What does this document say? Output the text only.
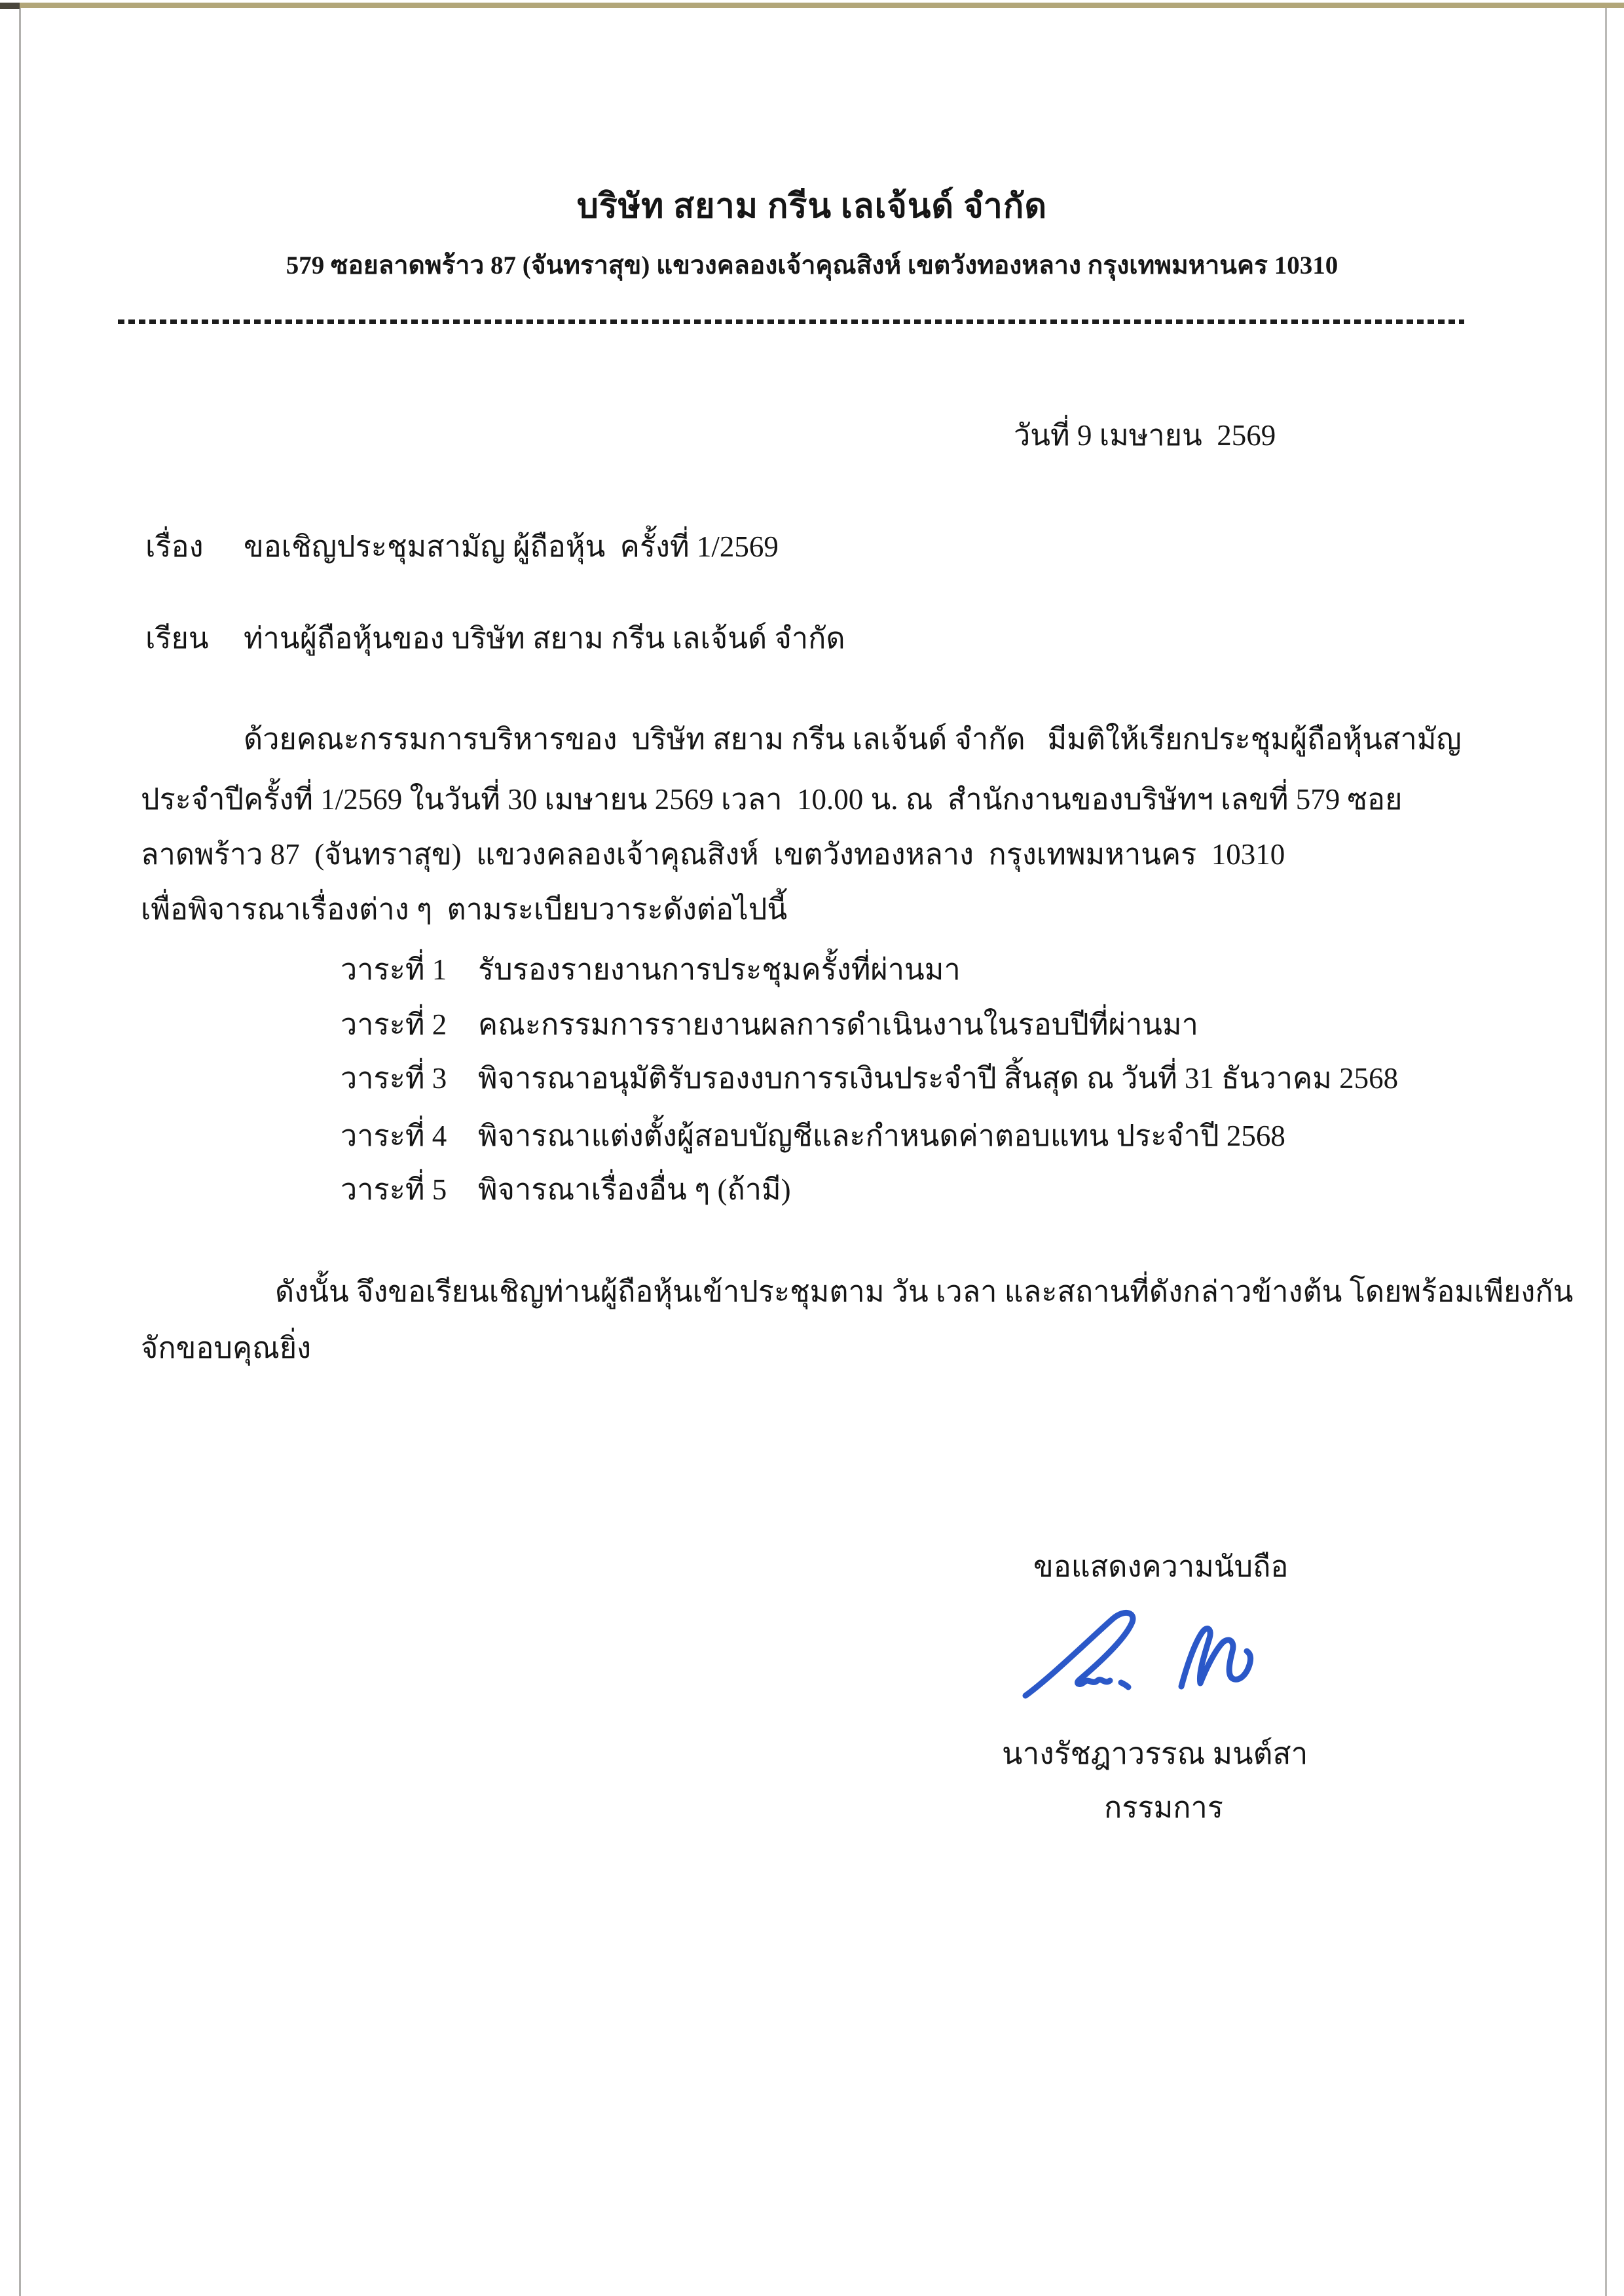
บริษัท สยาม กรีน เลเจ้นด์ จำกัด
579 ซอยลาดพร้าว 87 (จันทราสุข) แขวงคลองเจ้าคุณสิงห์ เขตวังทองหลาง กรุงเทพมหานคร 10310
วันที่ 9 เมษายน  2569
เรื่อง ขอเชิญประชุมสามัญ ผู้ถือหุ้น  ครั้งที่ 1/2569
เรียน ท่านผู้ถือหุ้นของ บริษัท สยาม กรีน เลเจ้นด์ จำกัด
ด้วยคณะกรรมการบริหารของ  บริษัท สยาม กรีน เลเจ้นด์ จำกัด   มีมติให้เรียกประชุมผู้ถือหุ้นสามัญ
ประจำปีครั้งที่ 1/2569 ในวันที่ 30 เมษายน 2569 เวลา  10.00 น. ณ  สำนักงานของบริษัทฯ เลขที่ 579 ซอย
ลาดพร้าว 87  (จันทราสุข)  แขวงคลองเจ้าคุณสิงห์  เขตวังทองหลาง  กรุงเทพมหานคร  10310
เพื่อพิจารณาเรื่องต่าง ๆ  ตามระเบียบวาระดังต่อไปนี้
วาระที่ 1 รับรองรายงานการประชุมครั้งที่ผ่านมา
วาระที่ 2 คณะกรรมการรายงานผลการดำเนินงานในรอบปีที่ผ่านมา
วาระที่ 3 พิจารณาอนุมัติรับรองงบการรเงินประจำปี สิ้นสุด ณ วันที่ 31 ธันวาคม 2568
วาระที่ 4 พิจารณาแต่งตั้งผู้สอบบัญชีและกำหนดค่าตอบแทน ประจำปี 2568
วาระที่ 5 พิจารณาเรื่องอื่น ๆ (ถ้ามี)
ดังนั้น จึงขอเรียนเชิญท่านผู้ถือหุ้นเข้าประชุมตาม วัน เวลา และสถานที่ดังกล่าวข้างต้น โดยพร้อมเพียงกัน
จักขอบคุณยิ่ง
ขอแสดงความนับถือ
นางรัชฎาวรรณ มนต์สา
กรรมการ
